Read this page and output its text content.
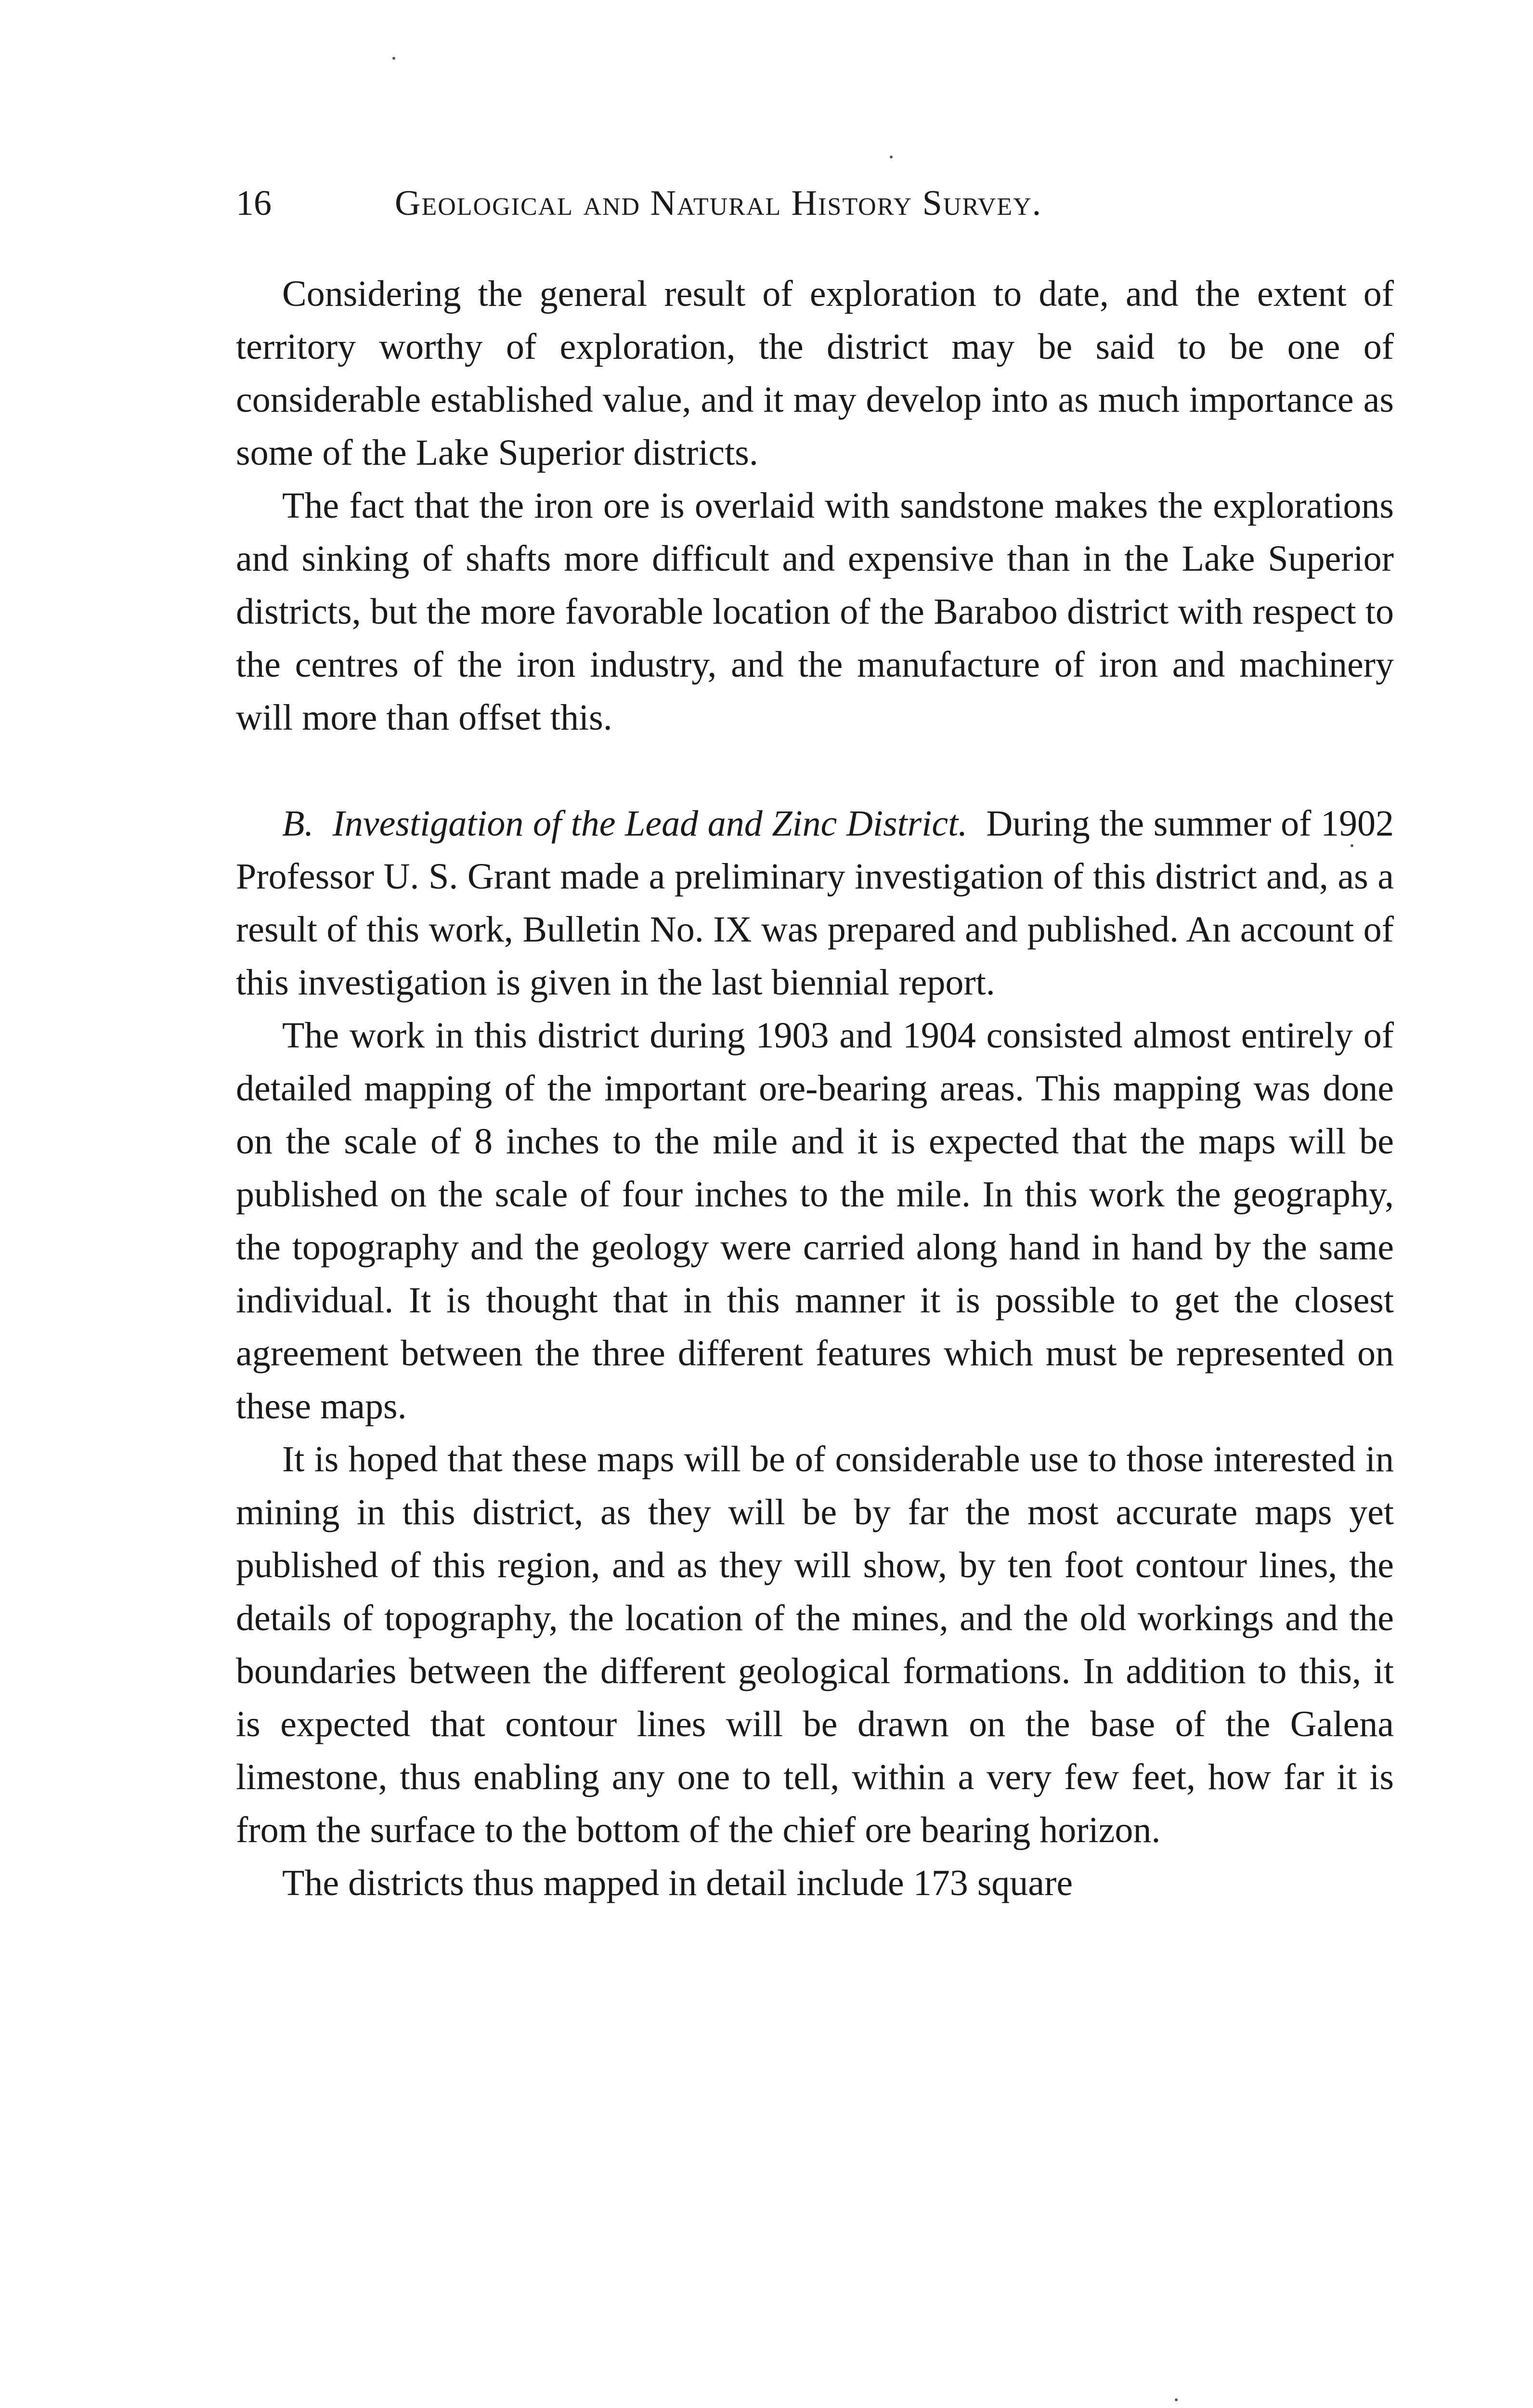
16	Geological and Natural History Survey.

Considering the general result of exploration to date, and the extent of territory worthy of exploration, the district may be said to be one of considerable established value, and it may develop into as much importance as some of the Lake Superior districts.

The fact that the iron ore is overlaid with sandstone makes the explorations and sinking of shafts more difficult and expensive than in the Lake Superior districts, but the more favorable location of the Baraboo district with respect to the centres of the iron industry, and the manufacture of iron and machinery will more than offset this.

B. Investigation of the Lead and Zinc District. During the summer of 1902 Professor U. S. Grant made a preliminary investigation of this district and, as a result of this work, Bulletin No. IX was prepared and published. An account of this investigation is given in the last biennial report.

The work in this district during 1903 and 1904 consisted almost entirely of detailed mapping of the important ore-bearing areas. This mapping was done on the scale of 8 inches to the mile and it is expected that the maps will be published on the scale of four inches to the mile. In this work the geography, the topography and the geology were carried along hand in hand by the same individual. It is thought that in this manner it is possible to get the closest agreement between the three different features which must be represented on these maps.

It is hoped that these maps will be of considerable use to those interested in mining in this district, as they will be by far the most accurate maps yet published of this region, and as they will show, by ten foot contour lines, the details of topography, the location of the mines, and the old workings and the boundaries between the different geological formations. In addition to this, it is expected that contour lines will be drawn on the base of the Galena limestone, thus enabling any one to tell, within a very few feet, how far it is from the surface to the bottom of the chief ore bearing horizon.

The districts thus mapped in detail include 173 square
